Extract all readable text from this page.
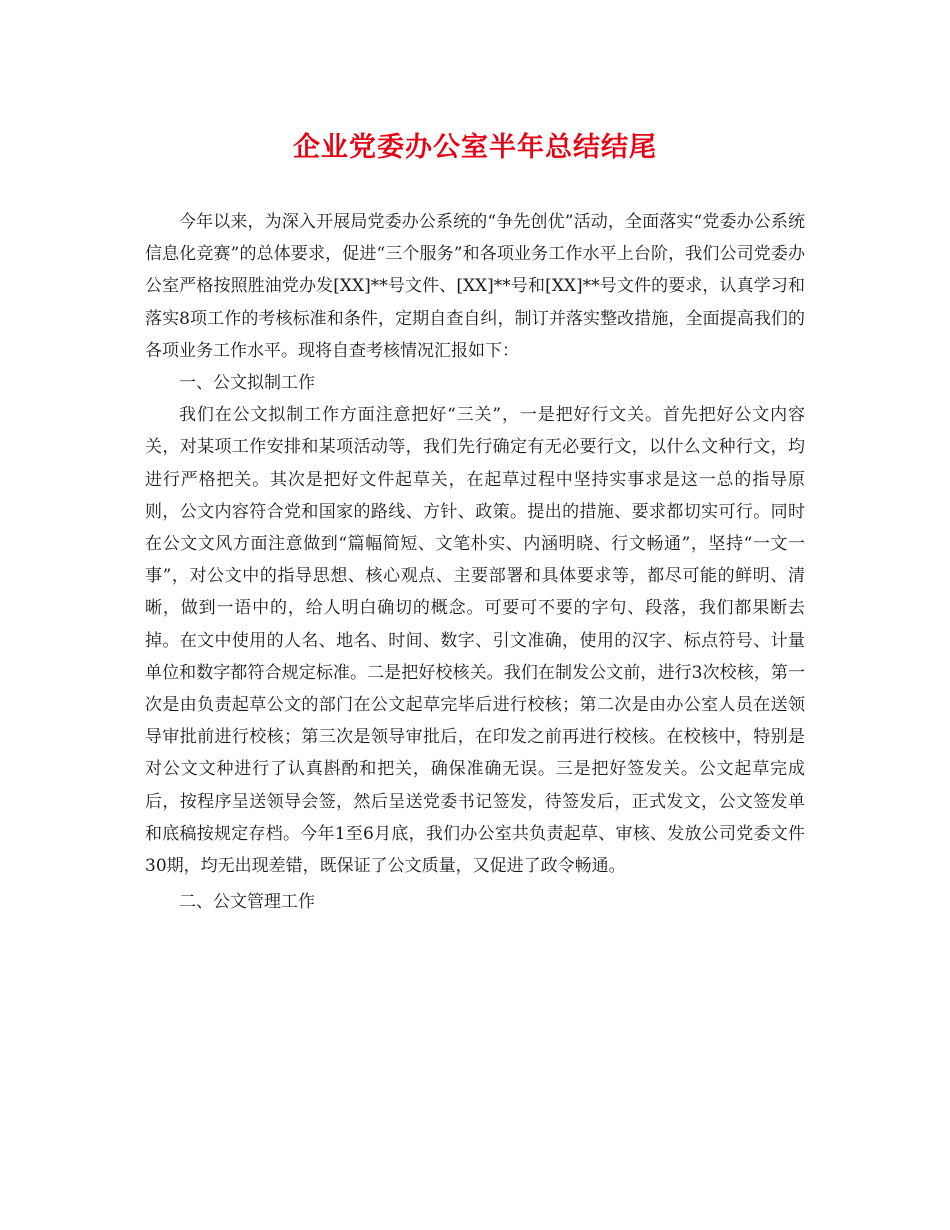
企业党委办公室半年总结结尾

今年以来，为深入开展局党委办公系统的“争先创优”活动，全面落实“党委办公系统信息化竞赛”的总体要求，促进“三个服务”和各项业务工作水平上台阶，我们公司党委办公室严格按照胜油党办发[XX]**号文件、[XX]**号和[XX]**号文件的要求，认真学习和落实8项工作的考核标准和条件，定期自查自纠，制订并落实整改措施，全面提高我们的各项业务工作水平。现将自查考核情况汇报如下：

一、公文拟制工作

我们在公文拟制工作方面注意把好“三关”，一是把好行文关。首先把好公文内容关，对某项工作安排和某项活动等，我们先行确定有无必要行文，以什么文种行文，均进行严格把关。其次是把好文件起草关，在起草过程中坚持实事求是这一总的指导原则，公文内容符合党和国家的路线、方针、政策。提出的措施、要求都切实可行。同时在公文文风方面注意做到“篇幅简短、文笔朴实、内涵明晓、行文畅通”，坚持“一文一事”，对公文中的指导思想、核心观点、主要部署和具体要求等，都尽可能的鲜明、清晰，做到一语中的，给人明白确切的概念。可要可不要的字句、段落，我们都果断去掉。在文中使用的人名、地名、时间、数字、引文准确，使用的汉字、标点符号、计量单位和数字都符合规定标准。二是把好校核关。我们在制发公文前，进行3次校核，第一次是由负责起草公文的部门在公文起草完毕后进行校核；第二次是由办公室人员在送领导审批前进行校核；第三次是领导审批后，在印发之前再进行校核。在校核中，特别是对公文文种进行了认真斟酌和把关，确保准确无误。三是把好签发关。公文起草完成后，按程序呈送领导会签，然后呈送党委书记签发，待签发后，正式发文，公文签发单和底稿按规定存档。今年1至6月底，我们办公室共负责起草、审核、发放公司党委文件30期，均无出现差错，既保证了公文质量，又促进了政令畅通。

二、公文管理工作
